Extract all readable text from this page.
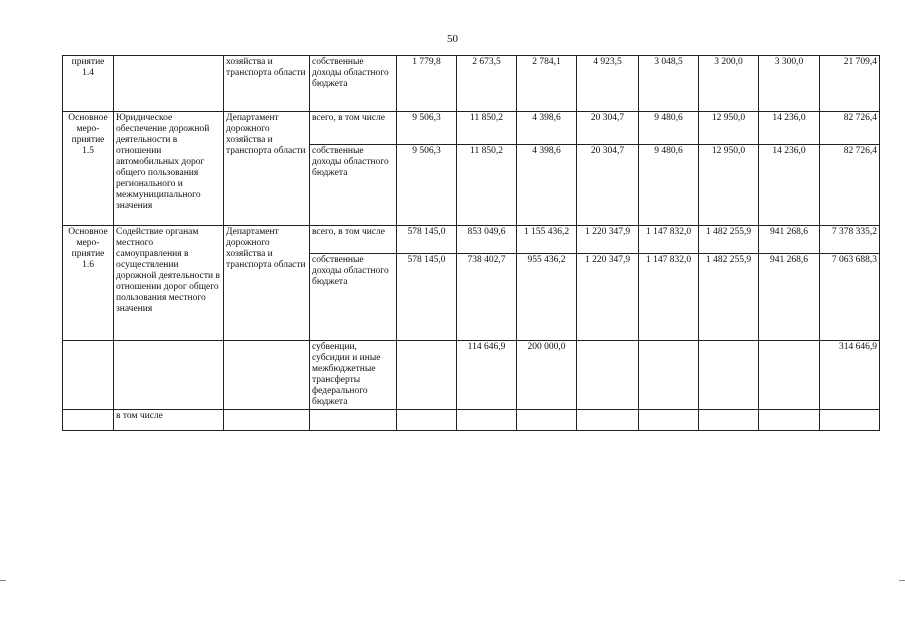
50
приятие 1.4		хозяйства и транспорта области	собственные доходы областного бюджета	1 779,8	2 673,5	2 784,1	4 923,5	3 048,5	3 200,0	3 300,0	21 709,4
Основное меро-приятие 1.5	Юридическое обеспечение дорожной деятельности в отношении автомобильных дорог общего пользования регионального и межмуниципального значения	Департамент дорожного хозяйства и транспорта области	всего, в том числе	9 506,3	11 850,2	4 398,6	20 304,7	9 480,6	12 950,0	14 236,0	82 726,4
			собственные доходы областного бюджета	9 506,3	11 850,2	4 398,6	20 304,7	9 480,6	12 950,0	14 236,0	82 726,4
Основное меро-приятие 1.6	Содействие органам местного самоуправления в осуществлении дорожной деятельности в отношении дорог общего пользования местного значения	Департамент дорожного хозяйства и транспорта области	всего, в том числе	578 145,0	853 049,6	1 155 436,2	1 220 347,9	1 147 832,0	1 482 255,9	941 268,6	7 378 335,2
			собственные доходы областного бюджета	578 145,0	738 402,7	955 436,2	1 220 347,9	1 147 832,0	1 482 255,9	941 268,6	7 063 688,3
			субвенции, субсидии и иные межбюджетные трансферты федерального бюджета		114 646,9	200 000,0					314 646,9
	в том числе										
